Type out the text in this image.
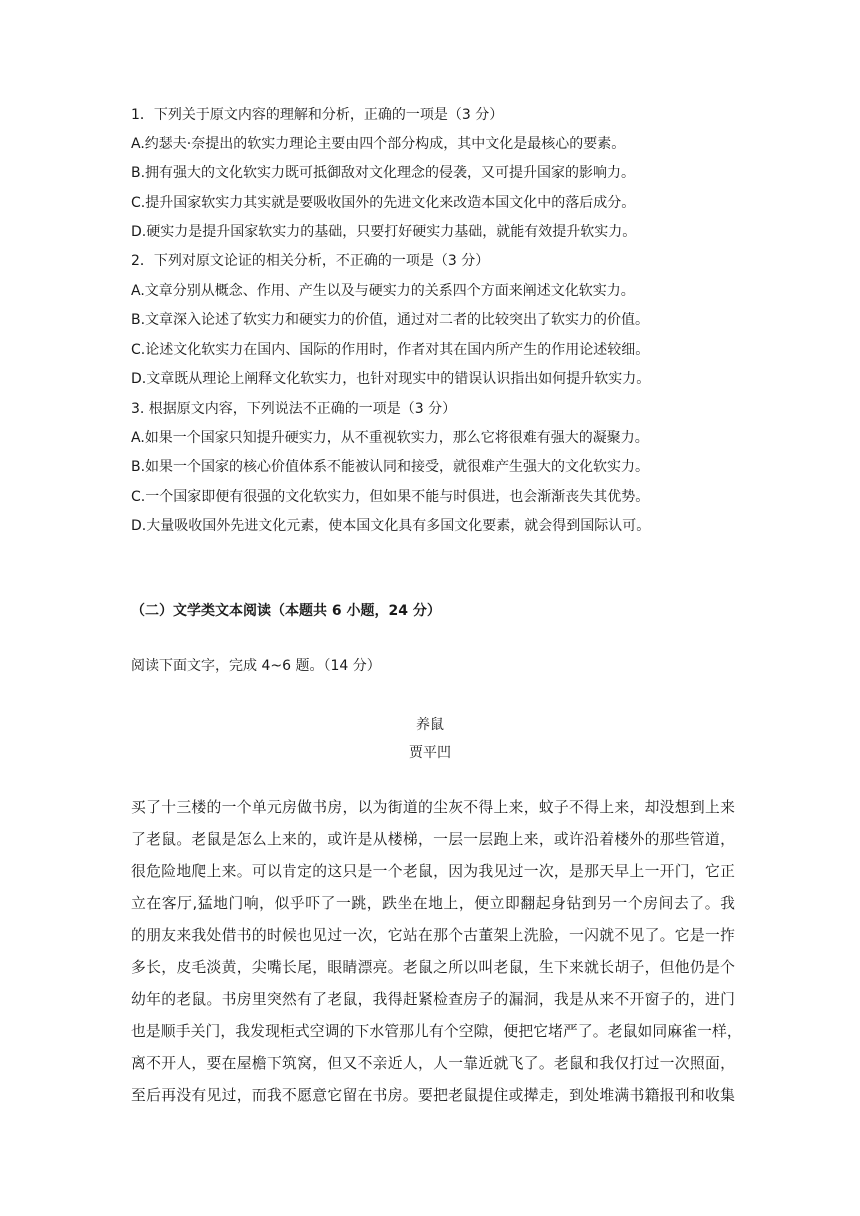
1．下列关于原文内容的理解和分析，正确的一项是（3 分）
A.约瑟夫·奈提出的软实力理论主要由四个部分构成，其中文化是最核心的要素。
B.拥有强大的文化软实力既可抵御敌对文化理念的侵袭，又可提升国家的影响力。
C.提升国家软实力其实就是要吸收国外的先进文化来改造本国文化中的落后成分。
D.硬实力是提升国家软实力的基础，只要打好硬实力基础，就能有效提升软实力。
2．下列对原文论证的相关分析，不正确的一项是（3 分）
A.文章分别从概念、作用、产生以及与硬实力的关系四个方面来阐述文化软实力。
B.文章深入论述了软实力和硬实力的价值，通过对二者的比较突出了软实力的价值。
C.论述文化软实力在国内、国际的作用时，作者对其在国内所产生的作用论述较细。
D.文章既从理论上阐释文化软实力，也针对现实中的错误认识指出如何提升软实力。
3. 根据原文内容，下列说法不正确的一项是（3 分）
A.如果一个国家只知提升硬实力，从不重视软实力，那么它将很难有强大的凝聚力。
B.如果一个国家的核心价值体系不能被认同和接受，就很难产生强大的文化软实力。
C.一个国家即便有很强的文化软实力，但如果不能与时俱进，也会渐渐丧失其优势。
D.大量吸收国外先进文化元素，使本国文化具有多国文化要素，就会得到国际认可。
（二）文学类文本阅读（本题共 6 小题，24 分）
阅读下面文字，完成 4~6 题。（14 分）
养鼠
贾平凹
买了十三楼的一个单元房做书房，以为街道的尘灰不得上来，蚊子不得上来，却没想到上来
了老鼠。老鼠是怎么上来的，或许是从楼梯，一层一层跑上来，或许沿着楼外的那些管道，
很危险地爬上来。可以肯定的这只是一个老鼠，因为我见过一次，是那天早上一开门，它正
立在客厅,猛地门响，似乎吓了一跳，跌坐在地上，便立即翻起身钻到另一个房间去了。我
的朋友来我处借书的时候也见过一次，它站在那个古董架上洗脸，一闪就不见了。它是一拃
多长，皮毛淡黄，尖嘴长尾，眼睛漂亮。老鼠之所以叫老鼠，生下来就长胡子，但他仍是个
幼年的老鼠。书房里突然有了老鼠，我得赶紧检查房子的漏洞，我是从来不开窗子的，进门
也是顺手关门，我发现柜式空调的下水管那儿有个空隙，便把它堵严了。老鼠如同麻雀一样，
离不开人，要在屋檐下筑窝，但又不亲近人，人一靠近就飞了。老鼠和我仅打过一次照面，
至后再没有见过，而我不愿意它留在书房。要把老鼠提住或撵走，到处堆满书籍报刊和收集
